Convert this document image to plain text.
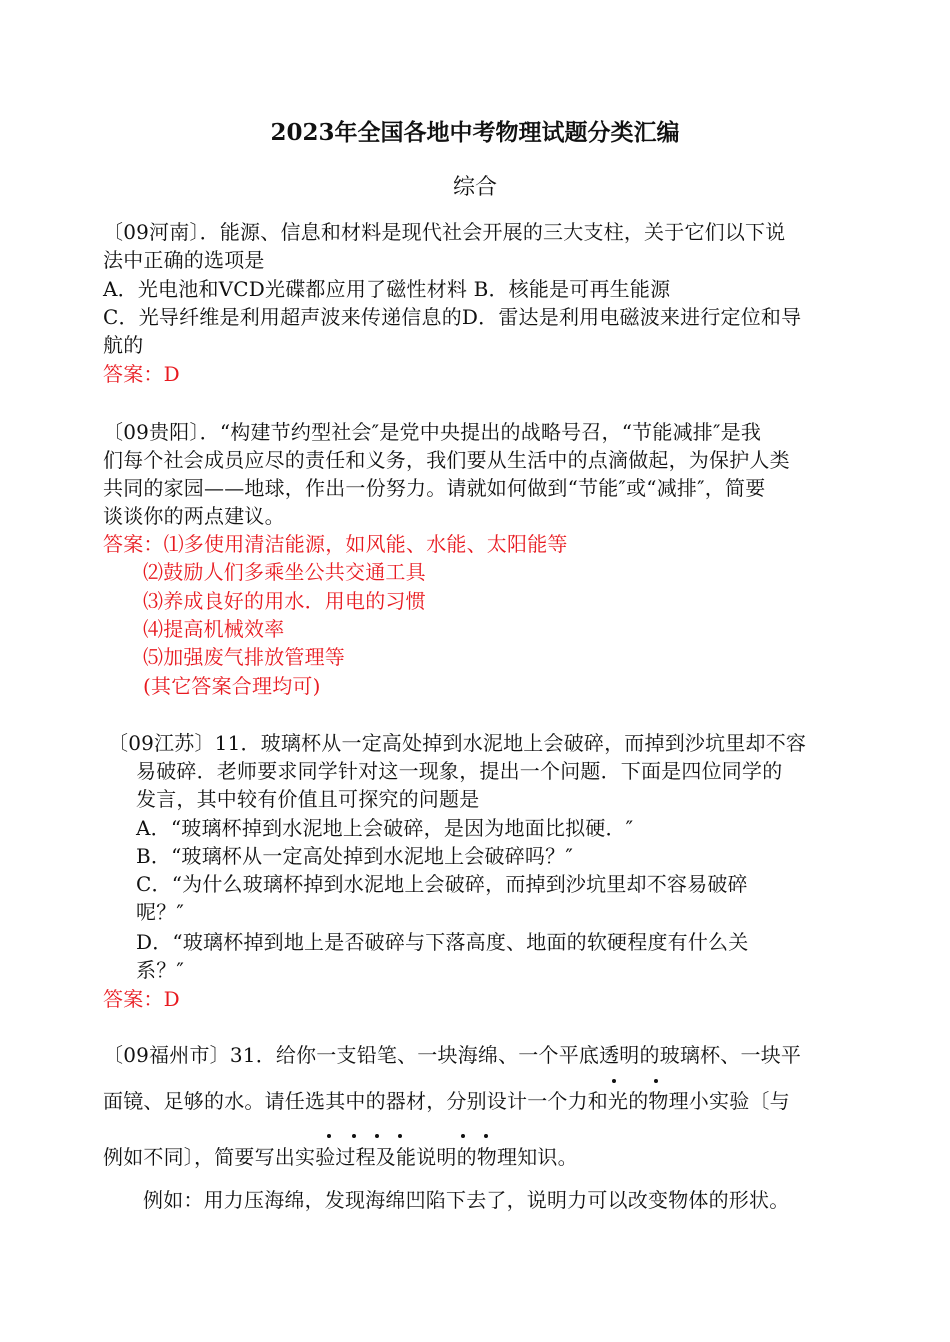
2023年全国各地中考物理试题分类汇编
综合
〔09河南〕．能源、信息和材料是现代社会开展的三大支柱，关于它们以下说
法中正确的选项是
A．光电池和VCD光碟都应用了磁性材料 B．核能是可再生能源
C．光导纤维是利用超声波来传递信息的D．雷达是利用电磁波来进行定位和导
航的
答案：D
〔09贵阳〕．“构建节约型社会″是党中央提出的战略号召，“节能减排″是我
们每个社会成员应尽的责任和义务，我们要从生活中的点滴做起，为保护人类
共同的家园——地球，作出一份努力。请就如何做到“节能″或“减排″，简要
谈谈你的两点建议。
答案：⑴多使用清洁能源，如风能、水能、太阳能等
⑵鼓励人们多乘坐公共交通工具
⑶养成良好的用水．用电的习惯
⑷提高机械效率
⑸加强废气排放管理等
(其它答案合理均可)
〔09江苏〕11．玻璃杯从一定高处掉到水泥地上会破碎，而掉到沙坑里却不容
易破碎．老师要求同学针对这一现象，提出一个问题．下面是四位同学的
发言，其中较有价值且可探究的问题是
A．“玻璃杯掉到水泥地上会破碎，是因为地面比拟硬．″
B．“玻璃杯从一定高处掉到水泥地上会破碎吗？″
C．“为什么玻璃杯掉到水泥地上会破碎，而掉到沙坑里却不容易破碎
呢？″
D．“玻璃杯掉到地上是否破碎与下落高度、地面的软硬程度有什么关
系？″
答案：D
〔09福州市〕31．给你一支铅笔、一块海绵、一个平底透明的玻璃杯、一块平
面镜、足够的水。请任选其中的器材，分别设计一个力和光的物理小实验〔与
例如不同〕，简要写出实验过程及能说明的物理知识。
例如：用力压海绵，发现海绵凹陷下去了，说明力可以改变物体的形状。
